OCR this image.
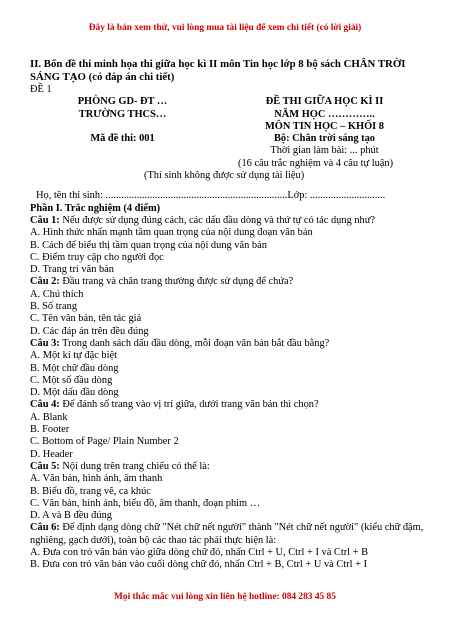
Đây là bản xem thử, vui lòng mua tài liệu để xem chi tiết (có lời giải)

II. Bốn đề thi minh họa thi giữa học kì II môn Tin học lớp 8 bộ sách CHÂN TRỜI SÁNG TẠO (có đáp án chi tiết)

ĐỀ 1

PHÒNG GD- ĐT …
TRƯỜNG THCS…

Mã đề thi: 001
ĐỀ THI GIỮA HỌC KÌ II
NĂM HỌC …………..
MÔN TIN HỌC – KHỐI 8
Bộ: Chân trời sáng tạo
Thời gian làm bài: ... phút

(16 câu trắc nghiệm và 4 câu tự luận)

(Thí sinh không được sử dụng tài liệu)

Họ, tên thí sinh: ......................................................................Lớp: .............................

Phần I. Trắc nghiệm (4 điểm)

Câu 1: Nếu được sử dụng đúng cách, các dấu đầu dòng và thứ tự có tác dụng như?

A. Hình thức nhấn mạnh tầm quan trọng của nội dung đoạn văn bản

B. Cách để biểu thị tầm quan trọng của nội dung văn bản

C. Điểm truy cập cho người đọc

D. Trang trí văn bản

Câu 2: Đầu trang và chân trang thường được sử dụng để chứa?

A. Chú thích

B. Số trang

C. Tên văn bản, tên tác giả

D. Các đáp án trên đều đúng

Câu 3: Trong danh sách dấu đầu dòng, mỗi đoạn văn bản bắt đầu bằng?

A. Một kí tự đặc biệt

B. Một chữ đầu dòng

C. Một số đầu dòng

D. Một dấu đầu dòng

Câu 4: Để đánh số trang vào vị trí giữa, dưới trang văn bản thì chọn?

A. Blank

B. Footer

C. Bottom of Page/ Plain Number 2

D. Header

Câu 5: Nội dung trên trang chiếu có thể là:

A. Văn bản, hình ảnh, âm thanh

B. Biểu đồ, trang vẽ, ca khúc

C. Văn bản, hình ảnh, biểu đồ, âm thanh, đoạn phim …

D. A và B đều đúng

Câu 6: Để định dạng dòng chữ "Nét chữ nết người" thành "Nét chữ nết người" (kiểu chữ đậm, nghiêng, gạch dưới), toàn bộ các thao tác phải thực hiện là:

A. Đưa con trỏ văn bản vào giữa dòng chữ đó, nhấn Ctrl + U, Ctrl + I và Ctrl + B

B. Đưa con trỏ văn bản vào cuối dòng chữ đó, nhấn Ctrl + B, Ctrl + U và Ctrl + I

Mọi thắc mắc vui lòng xin liên hệ hotline: 084 283 45 85
